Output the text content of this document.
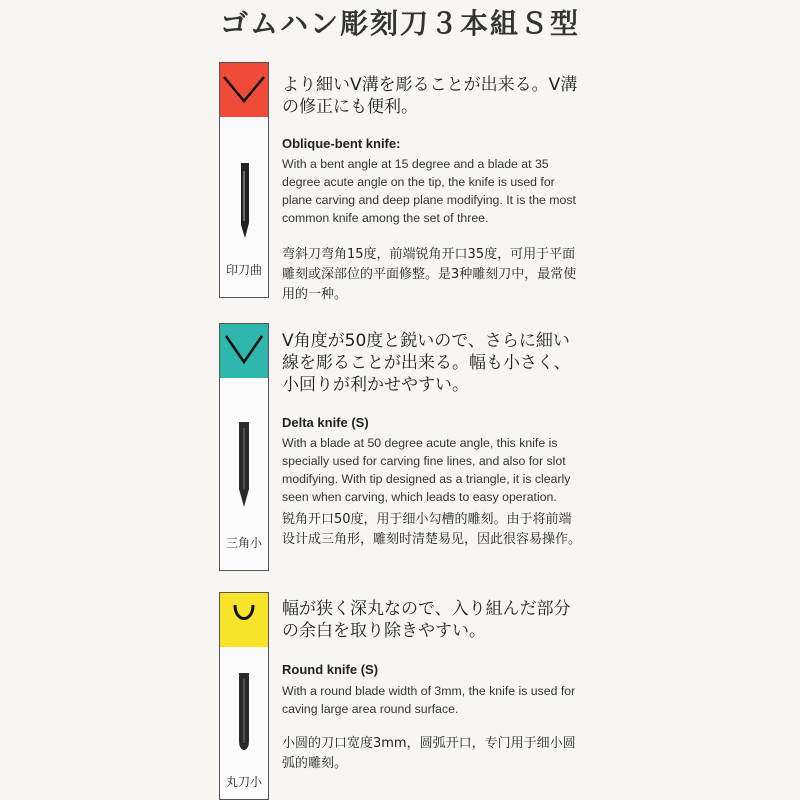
ゴムハン彫刻刀３本組Ｓ型
印刀曲
より細いV溝を彫ることが出来る。V溝の修正にも便利。
Oblique-bent knife:
With a bent angle at 15 degree and a blade at 35 degree acute angle on the tip, the knife is used for plane carving and deep plane modifying. It is the most common knife among the set of three.
弯斜刀弯角15度，前端锐角开口35度，可用于平面雕刻或深部位的平面修整。是3种雕刻刀中，最常使用的一种。
三角小
V角度が50度と鋭いので、さらに細い線を彫ることが出来る。幅も小さく、小回りが利かせやすい。
Delta knife (S)
With a blade at 50 degree acute angle, this knife is specially used for carving fine lines, and also for slot modifying. With tip designed as a triangle, it is clearly seen when carving, which leads to easy operation.
锐角开口50度，用于细小勾槽的雕刻。由于将前端设计成三角形，雕刻时清楚易见，因此很容易操作。
丸刀小
幅が狭く深丸なので、入り組んだ部分の余白を取り除きやすい。
Round knife (S)
With a round blade width of 3mm, the knife is used for caving large area round surface.
小圆的刀口宽度3mm，圆弧开口，专门用于细小圆弧的雕刻。
